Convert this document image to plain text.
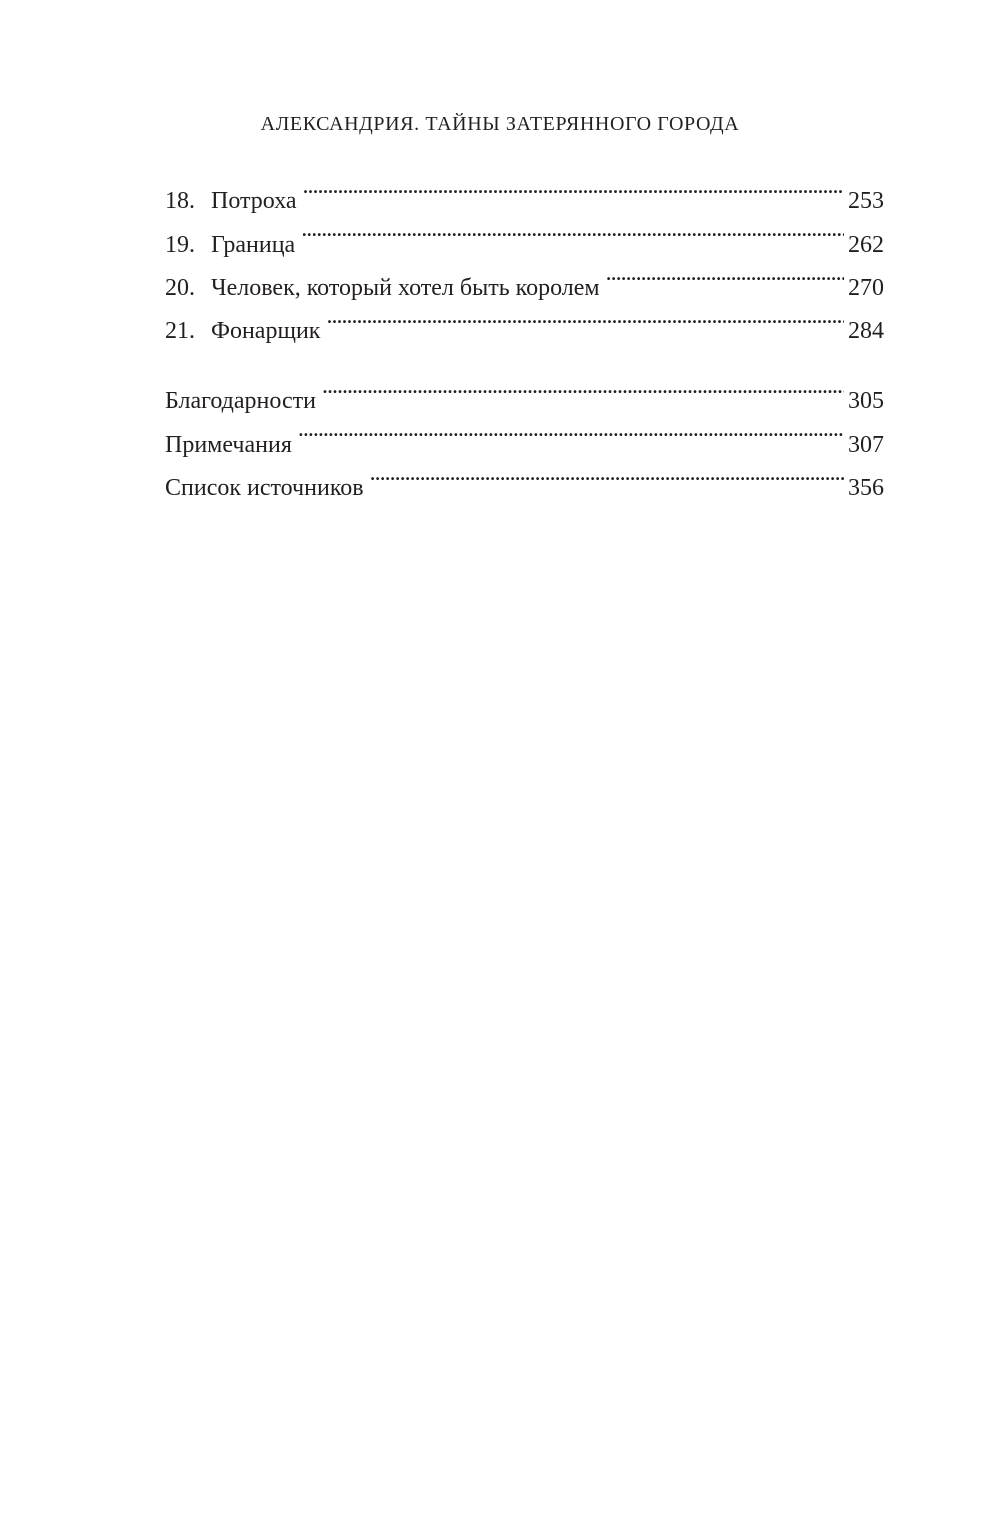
АЛЕКСАНДРИЯ. ТАЙНЫ ЗАТЕРЯННОГО ГОРОДА
18. Потроха . . .	253
19. Граница . . .	262
20. Человек, который хотел быть королем . . .	270
21. Фонарщик . . .	284
Благодарности . . .	305
Примечания . . .	307
Список источников . . .	356
